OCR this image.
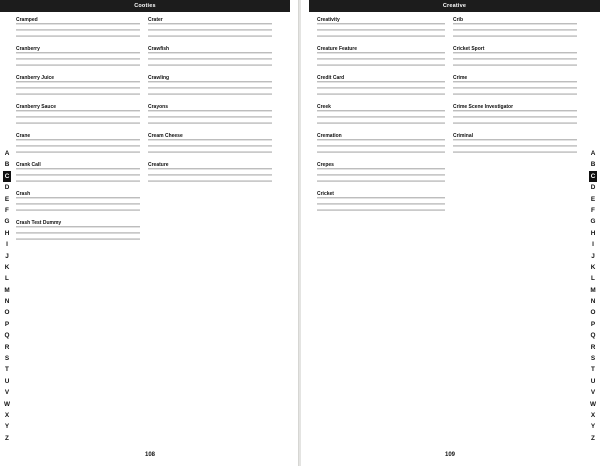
Cooties
Cramped
Cranberry
Cranberry Juice
Cranberry Sauce
Crane
Crank Call
Crash
Crash Test Dummy
Crater
Crawfish
Crawling
Crayons
Cream Cheese
Creature
A
B
C
D
E
F
G
H
I
J
K
L
M
N
O
P
Q
R
S
T
U
V
W
X
Y
Z
108
Creative
Creativity
Creature Feature
Credit Card
Creek
Cremation
Crepes
Cricket
Crib
Cricket Sport
Crime
Crime Scene Investigator
Criminal
A
B
C
D
E
F
G
H
I
J
K
L
M
N
O
P
Q
R
S
T
U
V
W
X
Y
Z
109
